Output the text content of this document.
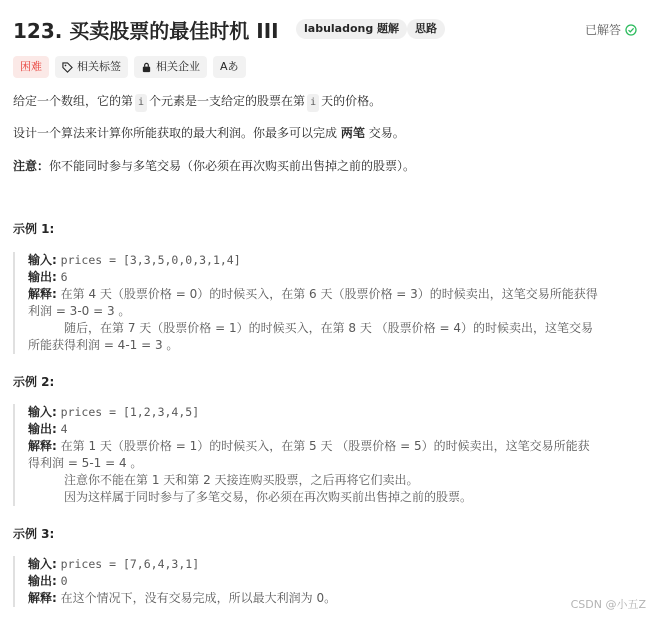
123. 买卖股票的最佳时机 III	labuladong 题解	思路	已解答
困难	相关标签	相关企业	Aあ
给定一个数组，它的第 i 个元素是一支给定的股票在第 i 天的价格。
设计一个算法来计算你所能获取的最大利润。你最多可以完成 两笔 交易。
注意：你不能同时参与多笔交易（你必须在再次购买前出售掉之前的股票）。
示例 1:
输入: prices = [3,3,5,0,0,3,1,4]
输出: 6
解释: 在第 4 天（股票价格 = 0）的时候买入，在第 6 天（股票价格 = 3）的时候卖出，这笔交易所能获得
利润 = 3-0 = 3 。
随后，在第 7 天（股票价格 = 1）的时候买入，在第 8 天 （股票价格 = 4）的时候卖出，这笔交易
所能获得利润 = 4-1 = 3 。
示例 2:
输入: prices = [1,2,3,4,5]
输出: 4
解释: 在第 1 天（股票价格 = 1）的时候买入，在第 5 天 （股票价格 = 5）的时候卖出，这笔交易所能获
得利润 = 5-1 = 4 。
注意你不能在第 1 天和第 2 天接连购买股票，之后再将它们卖出。
因为这样属于同时参与了多笔交易，你必须在再次购买前出售掉之前的股票。
示例 3:
输入: prices = [7,6,4,3,1]
输出: 0
解释: 在这个情况下，没有交易完成，所以最大利润为 0。	CSDN @小五Z
